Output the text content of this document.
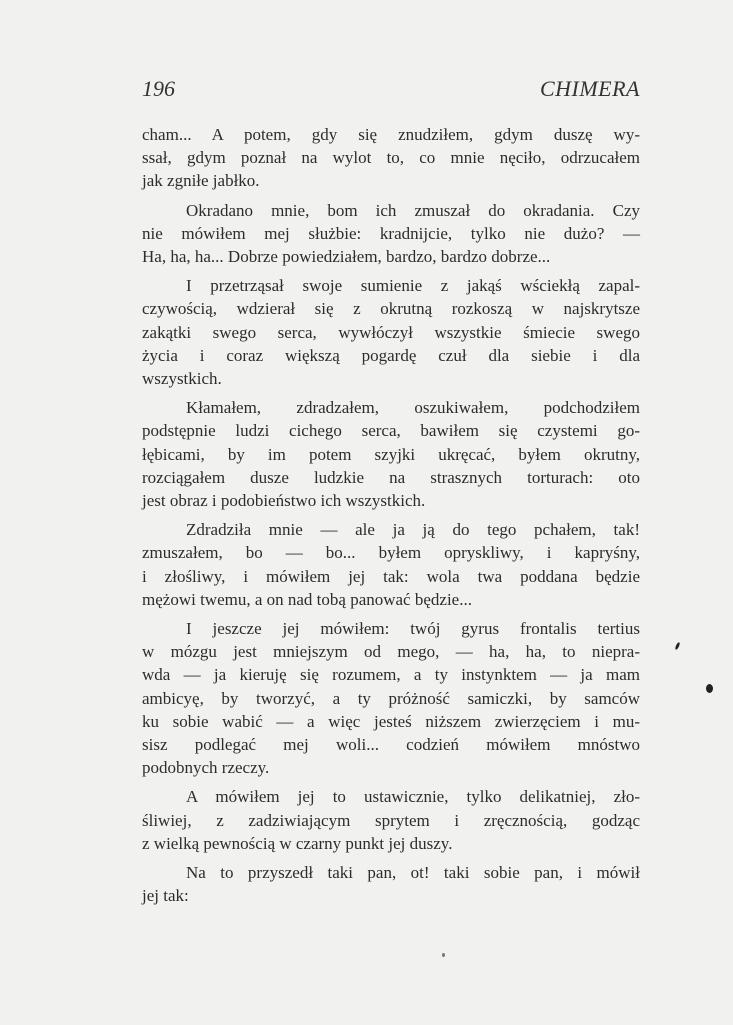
196	CHIMERA
cham... A potem, gdy się znudziłem, gdym duszę wy-
ssał, gdym poznał na wylot to, co mnie nęciło, odrzucałem
jak zgniłe jabłko.
Okradano mnie, bom ich zmuszał do okradania. Czy
nie mówiłem mej służbie: kradnijcie, tylko nie dużo? —
Ha, ha, ha... Dobrze powiedziałem, bardzo, bardzo dobrze...
I przetrząsał swoje sumienie z jakąś wściekłą zapal-
czywością, wdzierał się z okrutną rozkoszą w najskrytsze
zakątki swego serca, wywłóczył wszystkie śmiecie swego
życia i coraz większą pogardę czuł dla siebie i dla
wszystkich.
Kłamałem, zdradzałem, oszukiwałem, podchodziłem
podstępnie ludzi cichego serca, bawiłem się czystemi go-
łębicami, by im potem szyjki ukręcać, byłem okrutny,
rozciągałem dusze ludzkie na strasznych torturach: oto
jest obraz i podobieństwo ich wszystkich.
Zdradziła mnie — ale ja ją do tego pchałem, tak!
zmuszałem, bo — bo... byłem opryskliwy, i kapryśny,
i złośliwy, i mówiłem jej tak: wola twa poddana będzie
mężowi twemu, a on nad tobą panować będzie...
I jeszcze jej mówiłem: twój gyrus frontalis tertius
w mózgu jest mniejszym od mego, — ha, ha, to niepra-
wda — ja kieruję się rozumem, a ty instynktem — ja mam
ambicyę, by tworzyć, a ty próżność samiczki, by samców
ku sobie wabić — a więc jesteś niższem zwierzęciem i mu-
sisz podlegać mej woli... codzień mówiłem mnóstwo
podobnych rzeczy.
A mówiłem jej to ustawicznie, tylko delikatniej, zło-
śliwiej, z zadziwiającym sprytem i zręcznością, godząc
z wielką pewnością w czarny punkt jej duszy.
Na to przyszedł taki pan, ot! taki sobie pan, i mówił
jej tak:
